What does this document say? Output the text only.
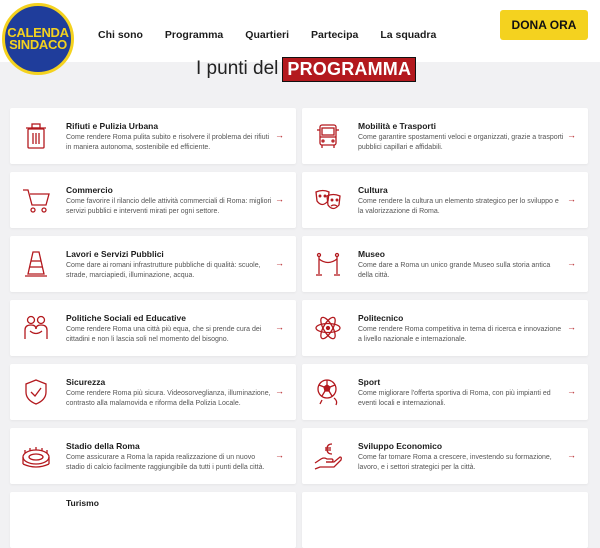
CALENDA
SINDACO
Chi sono Programma Quartieri Partecipa La squadra
DONA ORA
I punti del PROGRAMMA
Rifiuti e Pulizia Urbana
Come rendere Roma pulita subito e risolvere il problema dei rifiuti in maniera autonoma, sostenibile ed efficiente.
→
Mobilità e Trasporti
Come garantire spostamenti veloci e organizzati, grazie a trasporti pubblici capillari e affidabili.
→
Commercio
Come favorire il rilancio delle attività commerciali di Roma: migliori servizi pubblici e interventi mirati per ogni settore.
→
Cultura
Come rendere la cultura un elemento strategico per lo sviluppo e la valorizzazione di Roma.
→
Lavori e Servizi Pubblici
Come dare ai romani infrastrutture pubbliche di qualità: scuole, strade, marciapiedi, illuminazione, acqua.
→
Museo
Come dare a Roma un unico grande Museo sulla storia antica della città.
→
Politiche Sociali ed Educative
Come rendere Roma una città più equa, che si prende cura dei cittadini e non li lascia soli nel momento del bisogno.
→
Politecnico
Come rendere Roma competitiva in tema di ricerca e innovazione a livello nazionale e internazionale.
→
Sicurezza
Come rendere Roma più sicura. Videosorveglianza, illuminazione, contrasto alla malamovida e riforma della Polizia Locale.
→
Sport
Come migliorare l'offerta sportiva di Roma, con più impianti ed eventi locali e internazionali.
→
Stadio della Roma
Come assicurare a Roma la rapida realizzazione di un nuovo stadio di calcio facilmente raggiungibile da tutti i punti della città.
→
Sviluppo Economico
Come far tornare Roma a crescere, investendo su formazione, lavoro, e i settori strategici per la città.
→
Turismo
